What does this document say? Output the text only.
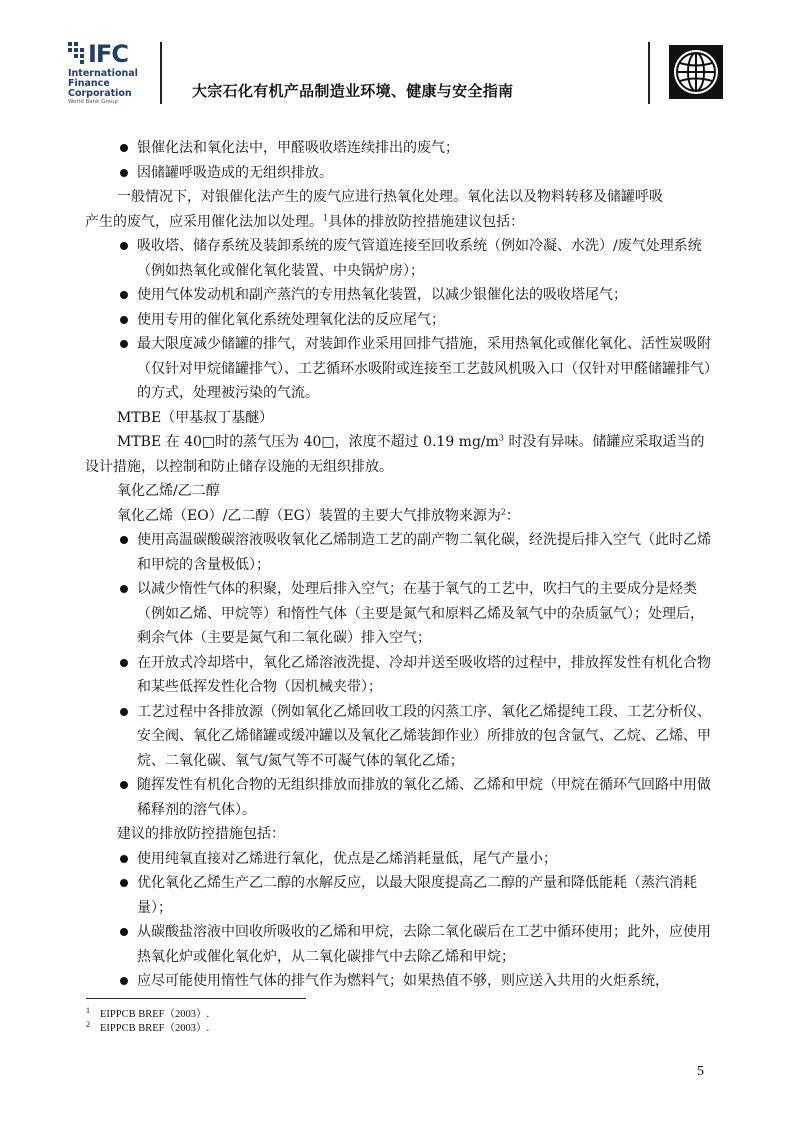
IFC
International
Finance
Corporation
World Bank Group
大宗石化有机产品制造业环境、健康与安全指南

银催化法和氧化法中，甲醛吸收塔连续排出的废气；

因储罐呼吸造成的无组织排放。

一般情况下，对银催化法产生的废气应进行热氧化处理。氧化法以及物料转移及储罐呼吸
产生的废气，应采用催化法加以处理。$^1$具体的排放防控措施建议包括：

吸收塔、储存系统及装卸系统的废气管道连接至回收系统（例如冷凝、水洗）/废气处理系统（例如热氧化或催化氧化装置、中央锅炉房）；

使用气体发动机和副产蒸汽的专用热氧化装置，以减少银催化法的吸收塔尾气；

使用专用的催化氧化系统处理氧化法的反应尾气；

最大限度减少储罐的排气，对装卸作业采用回排气措施，采用热氧化或催化氧化、活性炭吸附（仅针对甲烷储罐排气）、工艺循环水吸附或连接至工艺鼓风机吸入口（仅针对甲醛储罐排气）的方式，处理被污染的气流。

MTBE（甲基叔丁基醚）

MTBE 在 40□时的蒸气压为 40□，浓度不超过 0.19 $mg/m^3$ 时没有异味。储罐应采取适当的
设计措施，以控制和防止储存设施的无组织排放。

氧化乙烯/乙二醇

氧化乙烯（EO）/乙二醇（EG）装置的主要大气排放物来源为$^2$：

使用高温碳酸碳溶液吸收氧化乙烯制造工艺的副产物二氧化碳，经洗提后排入空气（此时乙烯和甲烷的含量极低）；

以减少惰性气体的积聚，处理后排入空气；在基于氧气的工艺中，吹扫气的主要成分是烃类（例如乙烯、甲烷等）和惰性气体（主要是氮气和原料乙烯及氧气中的杂质氩气）；处理后，剩余气体（主要是氮气和二氧化碳）排入空气；

在开放式冷却塔中，氧化乙烯溶液洗提、冷却并送至吸收塔的过程中，排放挥发性有机化合物和某些低挥发性化合物（因机械夹带）；

工艺过程中各排放源（例如氧化乙烯回收工段的闪蒸工序、氧化乙烯提纯工段、工艺分析仪、安全阀、氧化乙烯储罐或缓冲罐以及氧化乙烯装卸作业）所排放的包含氩气、乙烷、乙烯、甲烷、二氧化碳、氧气/氮气等不可凝气体的氧化乙烯；

随挥发性有机化合物的无组织排放而排放的氧化乙烯、乙烯和甲烷（甲烷在循环气回路中用做稀释剂的溶气体）。

建议的排放防控措施包括：

使用纯氧直接对乙烯进行氧化，优点是乙烯消耗量低，尾气产量小；

优化氧化乙烯生产乙二醇的水解反应，以最大限度提高乙二醇的产量和降低能耗（蒸汽消耗量）；

从碳酸盐溶液中回收所吸收的乙烯和甲烷，去除二氧化碳后在工艺中循环使用；此外，应使用热氧化炉或催化氧化炉，从二氧化碳排气中去除乙烯和甲烷；

应尽可能使用惰性气体的排气作为燃料气；如果热值不够，则应送入共用的火炬系统，

1 EIPPCB BREF（2003）.
2 EIPPCB BREF（2003）.
5
